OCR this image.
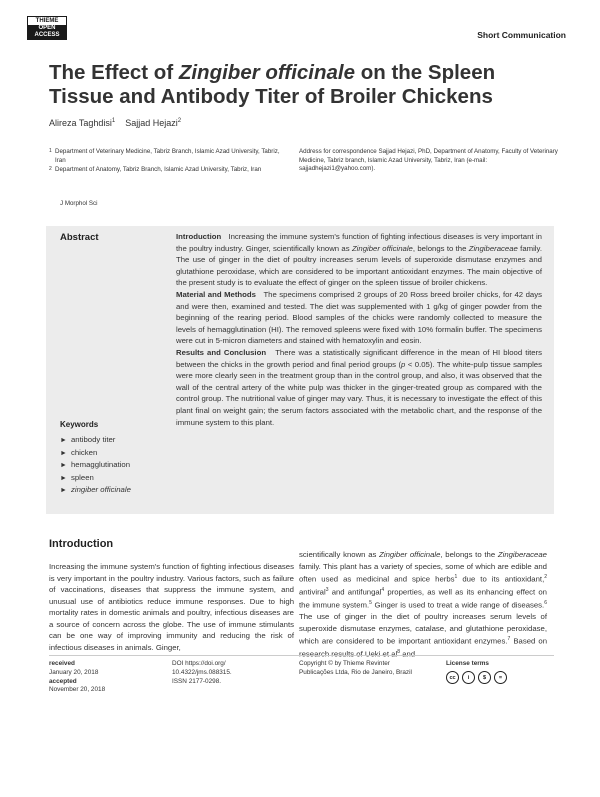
THIEME
OPEN
ACCESS	Short Communication
The Effect of Zingiber officinale on the Spleen Tissue and Antibody Titer of Broiler Chickens
Alireza Taghdisi$^1$ Sajjad Hejazi$^2$
1 Department of Veterinary Medicine, Tabriz Branch, Islamic Azad University, Tabriz, Iran
2 Department of Anatomy, Tabriz Branch, Islamic Azad University, Tabriz, Iran
Address for correspondence Sajjad Hejazi, PhD, Department of Anatomy, Faculty of Veterinary Medicine, Tabriz branch, Islamic Azad University, Tabriz, Iran (e-mail: sajjadhejazi1@yahoo.com).
J Morphol Sci
Abstract	Introduction Increasing the immune system's function of fighting infectious diseases is very important in the poultry industry. Ginger, scientifically known as Zingiber officinale, belongs to the Zingiberaceae family. The use of ginger in the diet of poultry increases serum levels of superoxide dismutase enzymes and glutathione peroxidase, which are considered to be important antioxidant enzymes. The main objective of the present study is to evaluate the effect of ginger on the spleen tissue of broiler chickens.

Material and Methods The specimens comprised 2 groups of 20 Ross breed broiler chicks, for 42 days and were then, examined and tested. The diet was supplemented with 1 g/kg of ginger powder from the beginning of the rearing period. Blood samples of the chicks were randomly collected to measure the levels of hemagglutination (HI). The removed spleens were fixed with 10% formalin buffer. The specimens were cut in 5-micron diameters and stained with hematoxylin and eosin.

Results and Conclusion There was a statistically significant difference in the mean of HI blood titers between the chicks in the growth period and final period groups (p < 0.05). The white-pulp tissue samples were more clearly seen in the treatment group than in the control group, and also, it was observed that the wall of the central artery of the white pulp was thicker in the ginger-treated group as compared with the control group. The nutritional value of ginger may vary. Thus, it is necessary to investigate the effect of this plant final on weight gain; the serum factors associated with the metabolic chart, and the response of the immune system to this plant.

Keywords
► antibody titer
► chicken
► hemagglutination
► spleen
► zingiber officinale
Introduction

Increasing the immune system's function of fighting infectious diseases is very important in the poultry industry. Various factors, such as failure of vaccinations, diseases that suppress the immune system, and unusual use of antibiotics reduce immune responses. Due to high mortality rates in domestic animals and poultry, infectious diseases are a source of concern across the globe. The use of immune stimulants can be one way of improving immunity and reducing the risk of infectious diseases in animals. Ginger,

scientifically known as Zingiber officinale, belongs to the Zingiberaceae family. This plant has a variety of species, some of which are edible and often used as medicinal and spice herbs$^1$ due to its antioxidant,$^2$ antiviral$^3$ and antifungal$^4$ properties, as well as its enhancing effect on the immune system.$^5$ Ginger is used to treat a wide range of diseases.$^6$ The use of ginger in the diet of poultry increases serum levels of superoxide dismutase enzymes, catalase, and glutathione peroxidase, which are considered to be important antioxidant enzymes.$^7$ Based on research results of Ueki et $al^8$ and

received
January 20, 2018
accepted
November 20, 2018
DOI https://doi.org/
10.4322/jms.088315.
ISSN 2177-0298.
Copyright © by Thieme Revinter
Publicações Ltda, Rio de Janeiro, Brazil
License terms
cc	i	$	=
